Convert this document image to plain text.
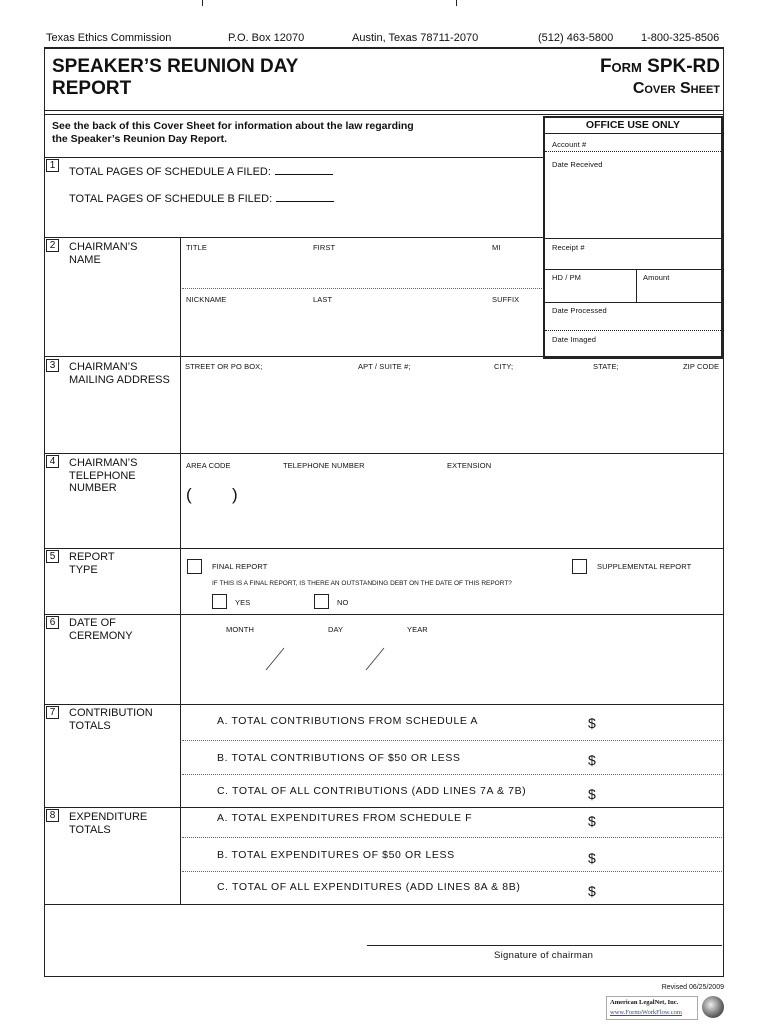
Texas Ethics Commission	P.O. Box 12070	Austin, Texas 78711-2070	(512) 463-5800	1-800-325-8506
SPEAKER’S REUNION DAY
REPORT
Form SPK-RD
Cover Sheet
See the back of this Cover Sheet for information about the law regarding
the Speaker’s Reunion Day Report.
OFFICE USE ONLY
Account #
Date Received
Receipt #
HD / PM	Amount
Date Processed
Date Imaged
1
TOTAL PAGES OF SCHEDULE A FILED:
TOTAL PAGES OF SCHEDULE B FILED:
2	CHAIRMAN’S
NAME
TITLE	FIRST	MI
NICKNAME	LAST	SUFFIX
3	CHAIRMAN’S
MAILING ADDRESS
STREET OR PO BOX;	APT / SUITE #;	CITY;	STATE;	ZIP CODE
4	CHAIRMAN’S
TELEPHONE
NUMBER
AREA CODE	TELEPHONE NUMBER	EXTENSION
( )
5	REPORT
TYPE	FINAL REPORT	SUPPLEMENTAL REPORT
IF THIS IS A FINAL REPORT, IS THERE AN OUTSTANDING DEBT ON THE DATE OF THIS REPORT?
YES	NO
6	DATE OF
CEREMONY	MONTH	DAY	YEAR
7	CONTRIBUTION
TOTALS	A. TOTAL CONTRIBUTIONS FROM SCHEDULE A	$
B. TOTAL CONTRIBUTIONS OF $50 OR LESS	$
C. TOTAL OF ALL CONTRIBUTIONS (ADD LINES 7A & 7B)	$
8	EXPENDITURE
TOTALS
A. TOTAL EXPENDITURES FROM SCHEDULE F	$
B. TOTAL EXPENDITURES OF $50 OR LESS	$
C. TOTAL OF ALL EXPENDITURES (ADD LINES 8A & 8B)	$
Signature of chairman
Revised 06/25/2009
American LegalNet, Inc.
www.FormsWorkFlow.com
